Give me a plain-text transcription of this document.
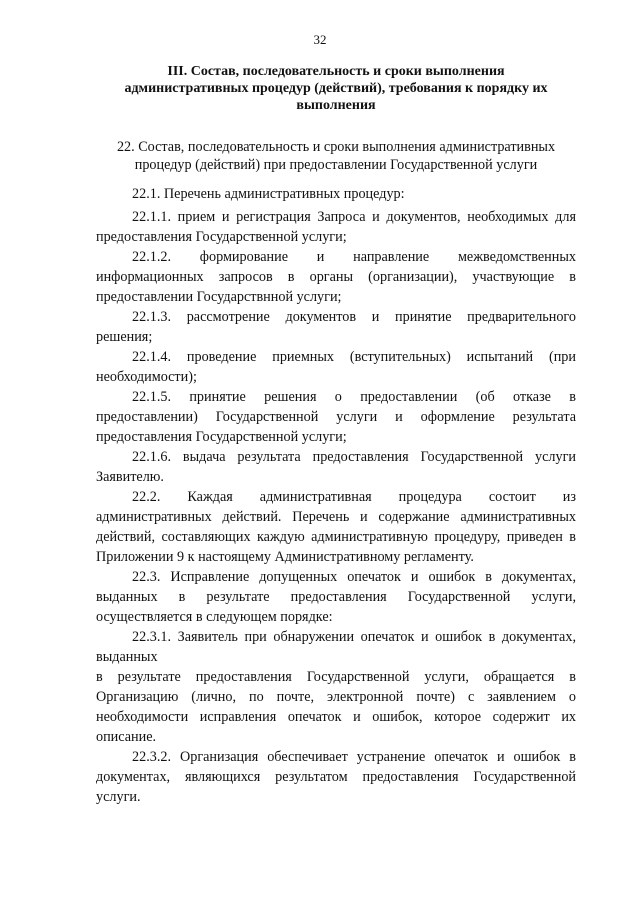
32
III. Состав, последовательность и сроки выполнения
административных процедур (действий), требования к порядку их
выполнения
22. Состав, последовательность и сроки выполнения административных
процедур (действий) при предоставлении Государственной услуги
22.1. Перечень административных процедур:
22.1.1. прием и регистрация Запроса и документов, необходимых для
предоставления Государственной услуги;
22.1.2. формирование и направление межведомственных
информационных запросов в органы (организации), участвующие в
предоставлении Государствнной услуги;
22.1.3. рассмотрение документов и принятие предварительного
решения;
22.1.4. проведение приемных (вступительных) испытаний (при
необходимости);
22.1.5. принятие решения о предоставлении (об отказе в
предоставлении) Государственной услуги и оформление результата
предоставления Государственной услуги;
22.1.6. выдача результата предоставления Государственной услуги
Заявителю.
22.2. Каждая административная процедура состоит из
административных действий. Перечень и содержание административных
действий, составляющих каждую административную процедуру, приведен в
Приложении 9 к настоящему Административному регламенту.
22.3. Исправление допущенных опечаток и ошибок в документах,
выданных в результате предоставления Государственной услуги,
осуществляется в следующем порядке:
22.3.1. Заявитель при обнаружении опечаток и ошибок в документах,
выданных
в результате предоставления Государственной услуги, обращается в
Организацию (лично, по почте, электронной почте) с заявлением о
необходимости исправления опечаток и ошибок, которое содержит их
описание.
22.3.2. Организация обеспечивает устранение опечаток и ошибок в
документах, являющихся результатом предоставления Государственной
услуги.
